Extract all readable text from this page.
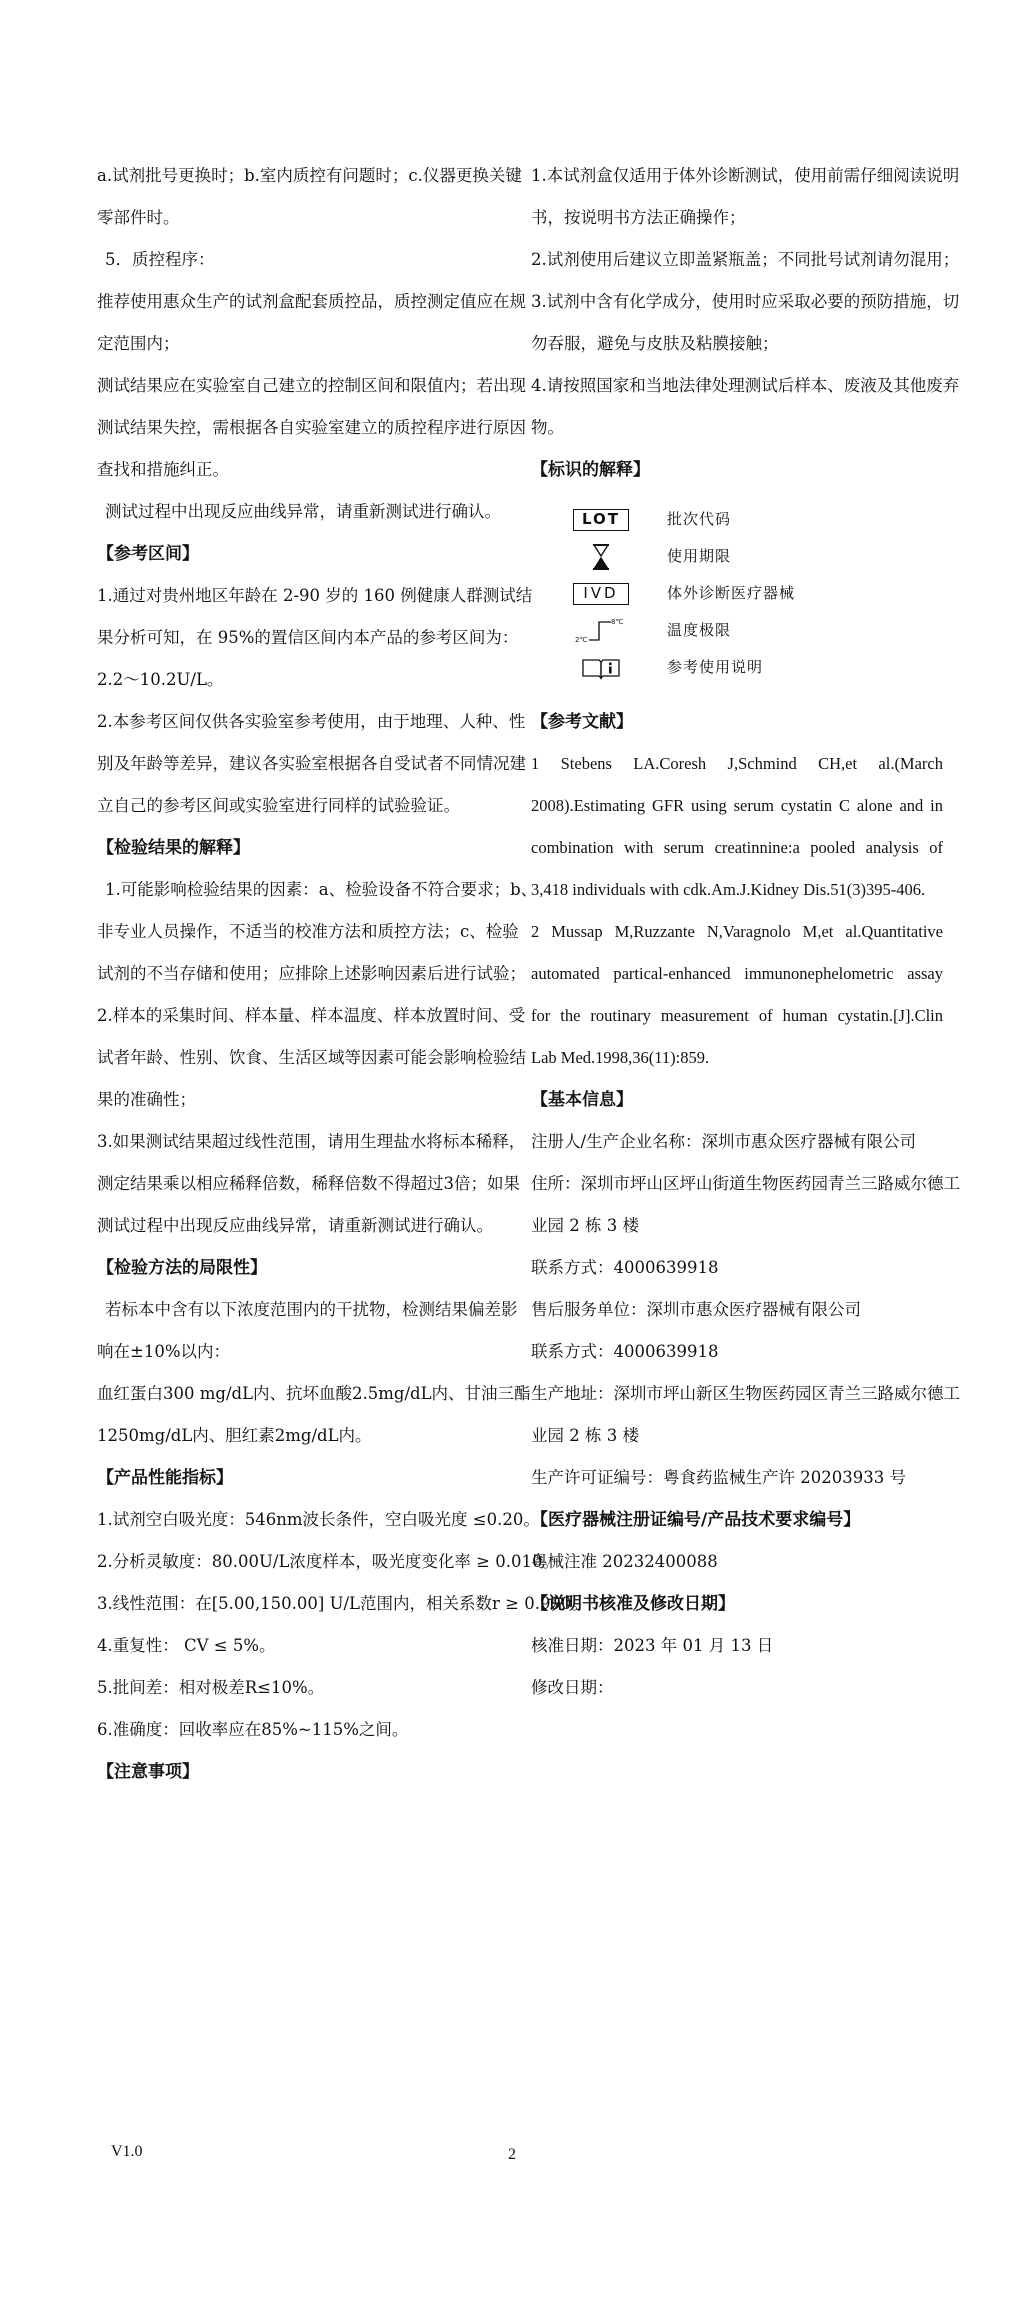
a.试剂批号更换时；b.室内质控有问题时；c.仪器更换关键
零部件时。
5．质控程序：
推荐使用惠众生产的试剂盒配套质控品，质控测定值应在规
定范围内；
测试结果应在实验室自己建立的控制区间和限值内；若出现
测试结果失控，需根据各自实验室建立的质控程序进行原因
查找和措施纠正。
测试过程中出现反应曲线异常，请重新测试进行确认。
【参考区间】
1.通过对贵州地区年龄在 2-90 岁的 160 例健康人群测试结
果分析可知，在 95%的置信区间内本产品的参考区间为：
2.2～10.2U/L。
2.本参考区间仅供各实验室参考使用，由于地理、人种、性
别及年龄等差异，建议各实验室根据各自受试者不同情况建
立自己的参考区间或实验室进行同样的试验验证。
【检验结果的解释】
1.可能影响检验结果的因素：a、检验设备不符合要求；b、
非专业人员操作，不适当的校准方法和质控方法；c、检验
试剂的不当存储和使用；应排除上述影响因素后进行试验；
2.样本的采集时间、样本量、样本温度、样本放置时间、受
试者年龄、性别、饮食、生活区域等因素可能会影响检验结
果的准确性；
3.如果测试结果超过线性范围，请用生理盐水将标本稀释，
测定结果乘以相应稀释倍数，稀释倍数不得超过3倍；如果
测试过程中出现反应曲线异常，请重新测试进行确认。
【检验方法的局限性】
若标本中含有以下浓度范围内的干扰物，检测结果偏差影
响在±10%以内：
血红蛋白300 mg/dL内、抗坏血酸2.5mg/dL内、甘油三酯
1250mg/dL内、胆红素2mg/dL内。
【产品性能指标】
1.试剂空白吸光度：546nm波长条件，空白吸光度 ≤0.20。
2.分析灵敏度：80.00U/L浓度样本，吸光度变化率 ≥ 0.010。
3.线性范围：在[5.00,150.00] U/L范围内，相关系数r ≥ 0.990。
4.重复性： CV ≤ 5%。
5.批间差：相对极差R≤10%。
6.准确度：回收率应在85%~115%之间。
【注意事项】
1.本试剂盒仅适用于体外诊断测试，使用前需仔细阅读说明
书，按说明书方法正确操作；
2.试剂使用后建议立即盖紧瓶盖；不同批号试剂请勿混用；
3.试剂中含有化学成分，使用时应采取必要的预防措施，切
勿吞服，避免与皮肤及粘膜接触；
4.请按照国家和当地法律处理测试后样本、废液及其他废弃
物。
【标识的解释】
LOT	批次代码
使用期限
IVD	体外诊断医疗器械
8℃
2℃
温度极限
参考使用说明
【参考文献】
1 Stebens LA.Coresh J,Schmind CH,et al.(March
2008).Estimating GFR using serum cystatin C alone and in
combination with serum creatinnine:a pooled analysis of
3,418 individuals with cdk.Am.J.Kidney Dis.51(3)395-406.
2 Mussap M,Ruzzante N,Varagnolo M,et al.Quantitative
automated partical-enhanced immunonephelometric assay
for the routinary measurement of human cystatin.[J].Clin
Lab Med.1998,36(11):859.
【基本信息】
注册人/生产企业名称：深圳市惠众医疗器械有限公司
住所：深圳市坪山区坪山街道生物医药园青兰三路威尔德工
业园 2 栋 3 楼
联系方式：4000639918
售后服务单位：深圳市惠众医疗器械有限公司
联系方式：4000639918
生产地址：深圳市坪山新区生物医药园区青兰三路威尔德工
业园 2 栋 3 楼
生产许可证编号：粤食药监械生产许 20203933 号
【医疗器械注册证编号/产品技术要求编号】
粤械注准 20232400088
【说明书核准及修改日期】
核准日期：2023 年 01 月 13 日
修改日期：
V1.0	2
